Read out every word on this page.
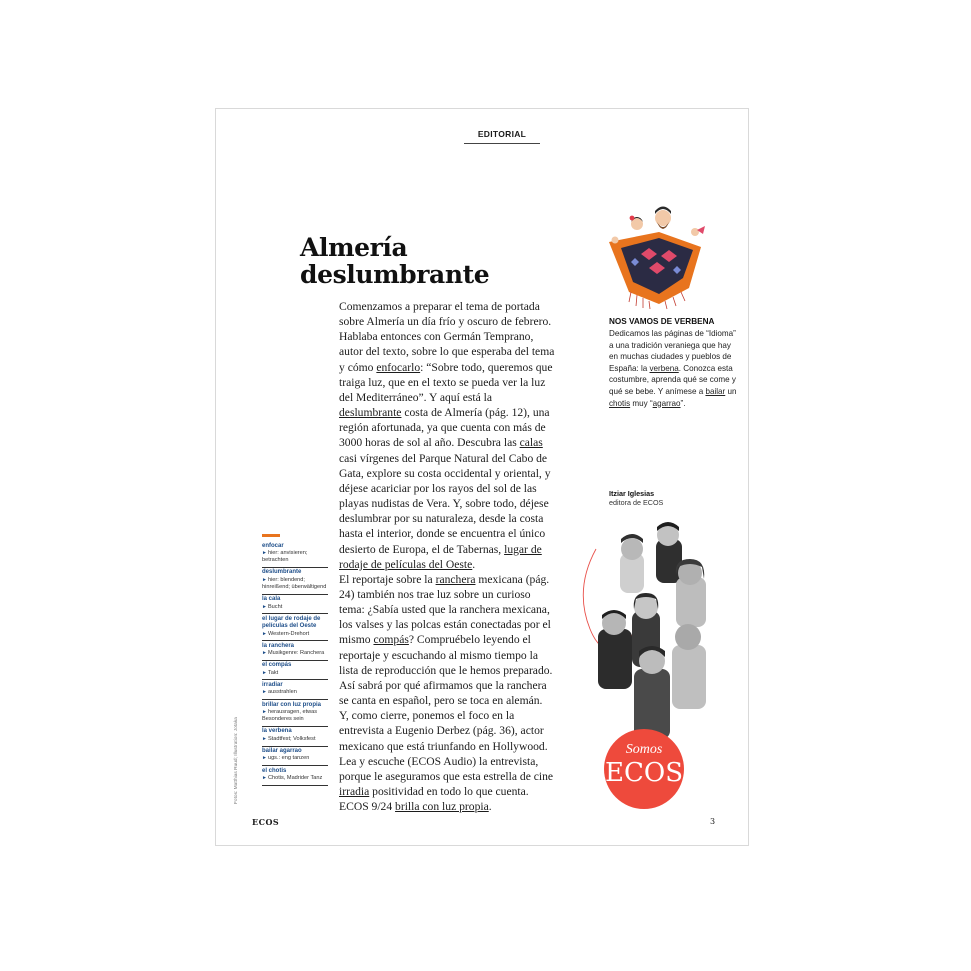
EDITORIAL
Almería
deslumbrante

Comenzamos a preparar el tema de portada sobre Almería un día frío y oscuro de febrero. Hablaba entonces con Germán Temprano, autor del texto, sobre lo que esperaba del tema y cómo enfocarlo: “Sobre todo, queremos que traiga luz, que en el texto se pueda ver la luz del Mediterráneo”. Y aquí está la deslumbrante costa de Almería (pág. 12), una región afortunada, ya que cuenta con más de 3000 horas de sol al año. Descubra las calas casi vírgenes del Parque Natural del Cabo de Gata, explore su costa occidental y oriental, y déjese acariciar por los rayos del sol de las playas nudistas de Vera. Y, sobre todo, déjese deslumbrar por su naturaleza, desde la costa hasta el interior, donde se encuentra el único desierto de Europa, el de Tabernas, lugar de rodaje de películas del Oeste.

El reportaje sobre la ranchera mexicana (pág. 24) también nos trae luz sobre un curioso tema: ¿Sabía usted que la ranchera mexicana, los valses y las polcas están conectadas por el mismo compás? Compruébelo leyendo el reportaje y escuchando al mismo tiempo la lista de reproducción que le hemos preparado. Así sabrá por qué afirmamos que la ranchera se canta en español, pero se toca en alemán.

Y, como cierre, ponemos el foco en la entrevista a Eugenio Derbez (pág. 36), actor mexicano que está triunfando en Hollywood. Lea y escuche (ECOS Audio) la entrevista, porque le aseguramos que esta estrella de cine irradia positividad en todo lo que cuenta. ECOS 9/24 brilla con luz propia.

enfocar
►hier: anvisieren; betrachten
deslumbrante
►hier: blendend; hinreißend; überwältigend
la cala
►Bucht
el lugar de rodaje de películas del Oeste
►Western-Drehort
la ranchera
►Musikgenre: Ranchera
el compás
►Takt
irradiar
►ausstrahlen
brillar con luz propia
►herausragen, etwas Besonderes sein
la verbena
►Stadtfest; Volksfest
bailar agarrao
►ugs.: eng tanzen
el chotis
►Chotis, Madrider Tanz
Fotos: Matthias Ruud; Illustration: Jotaka
ECOS	3
NOS VAMOS DE VERBENA
Dedicamos las páginas de “Idioma” a una tradición veraniega que hay en muchas ciudades y pueblos de España: la verbena. Conozca esta costumbre, aprenda qué se come y qué se bebe. Y anímese a bailar un chotis muy “agarrao”.
Itziar Iglesias
editora de ECOS
Somos
ECOS
